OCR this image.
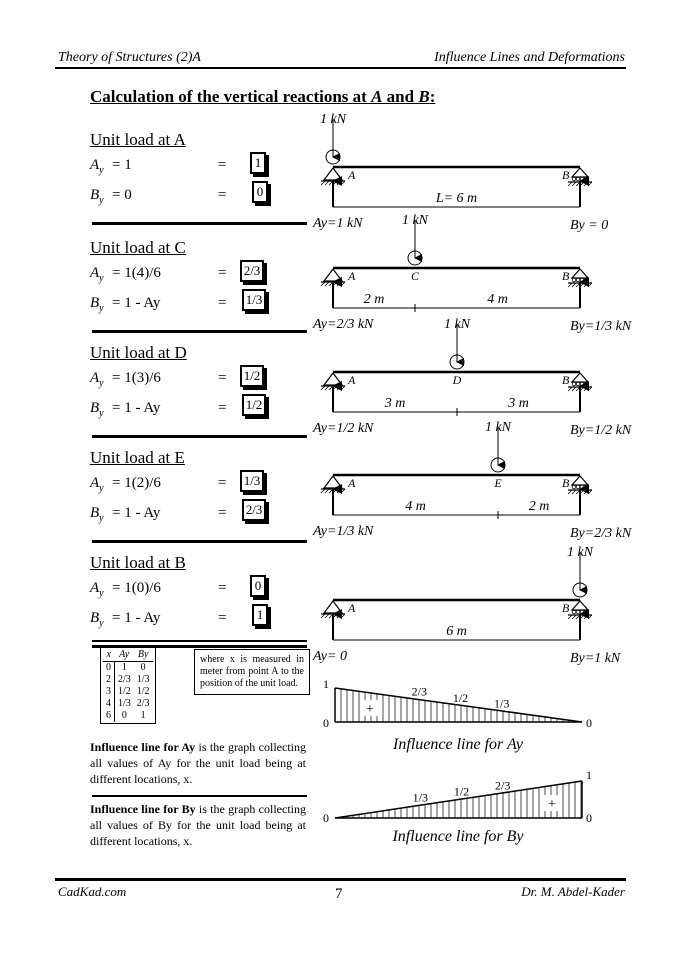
Theory of Structures (2)A	Influence Lines and Deformations
Calculation of the vertical reactions at A and B:
Unit load at A
$A_y = 1$	=	1
$B_y = 0$	=	0
Unit load at C
$A_y = 1(4)/6$	= 2/3
$B_y = 1 - Ay$	= 1/3
Unit load at D
$A_y = 1(3)/6$	= 1/2
$B_y = 1 - Ay$	= 1/2
Unit load at E
$A_y = 1(2)/6$	= 1/3
$B_y = 1 - Ay$	= 2/3
Unit load at B
$A_y = 1(0)/6$	=	0
$B_y = 1 - Ay$	=	1
A	B
1 kN
L= 6 m
Ay=1 kN	By = 0
A	B
C
1 kN
2 m	4 m
Ay=2/3 kN	By=1/3 kN
A	B
D
1 kN
3 m	3 m
Ay=1/2 kN	By=1/2 kN
A	B
E
1 kN
4 m	2 m
Ay=1/3 kN	By=2/3 kN
A	B
1 kN
6 m
Ay= 0	By=1 kN
1
0	0
2/3 1/2 1/3
+
Influence line for Ay
1
0	0
1/3 1/2 2/3
+
Influence line for By
x	Ay	By
0	1	0
2	2/3	1/3
3	1/2	1/2
4	1/3	2/3
6	0	1
where x is measured in meter from point A to the position of the unit load.
Influence line for Ay is the graph collecting all values of Ay for the unit load being at different locations, x.
Influence line for By is the graph collecting all values of By for the unit load being at different locations, x.
CadKad.com	7	Dr. M. Abdel-Kader
